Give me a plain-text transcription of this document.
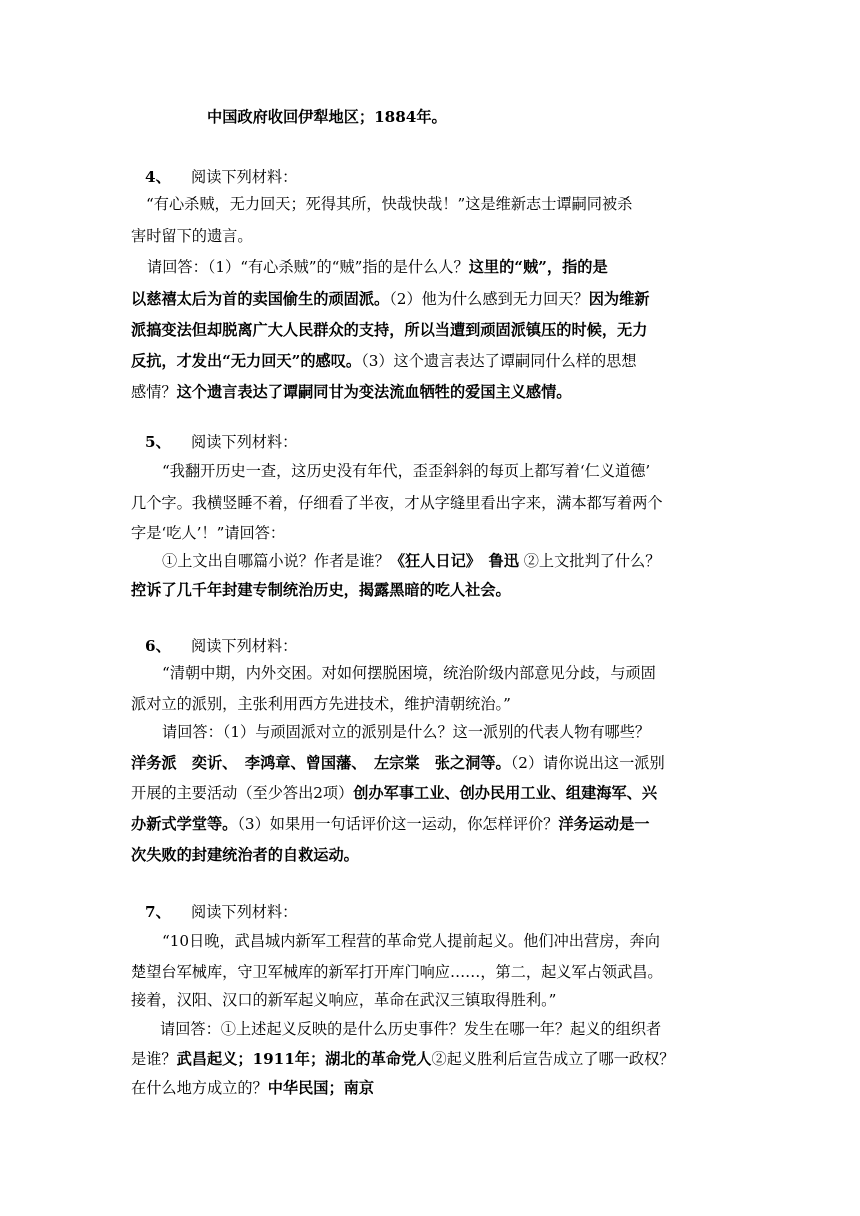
中国政府收回伊犁地区；1884年。
4、 阅读下列材料：
“有心杀贼，无力回天；死得其所，快哉快哉！”这是维新志士谭嗣同被杀
害时留下的遗言。
请回答：（1）“有心杀贼”的“贼”指的是什么人？这里的“贼”，指的是
以慈禧太后为首的卖国偷生的顽固派。（2）他为什么感到无力回天？因为维新
派搞变法但却脱离广大人民群众的支持，所以当遭到顽固派镇压的时候，无力
反抗，才发出“无力回天”的感叹。（3）这个遗言表达了谭嗣同什么样的思想
感情？这个遗言表达了谭嗣同甘为变法流血牺牲的爱国主义感情。
5、 阅读下列材料：
“我翻开历史一查，这历史没有年代，歪歪斜斜的每页上都写着‘仁义道德’
几个字。我横竖睡不着，仔细看了半夜，才从字缝里看出字来，满本都写着两个
字是‘吃人’！”请回答：
①上文出自哪篇小说？作者是谁？《狂人日记》　鲁迅 ②上文批判了什么？
控诉了几千年封建专制统治历史，揭露黑暗的吃人社会。
6、 阅读下列材料：
“清朝中期，内外交困。对如何摆脱困境，统治阶级内部意见分歧，与顽固
派对立的派别，主张利用西方先进技术，维护清朝统治。”
请回答：（1）与顽固派对立的派别是什么？这一派别的代表人物有哪些？
洋务派　奕䜣、　李鸿章、曾国藩、　左宗棠　张之洞等。（2）请你说出这一派别
开展的主要活动（至少答出2项）创办军事工业、创办民用工业、组建海军、兴
办新式学堂等。（3）如果用一句话评价这一运动，你怎样评价？洋务运动是一
次失败的封建统治者的自救运动。
7、 阅读下列材料：
“10日晚，武昌城内新军工程营的革命党人提前起义。他们冲出营房，奔向
楚望台军械库，守卫军械库的新军打开库门响应……，第二，起义军占领武昌。
接着，汉阳、汉口的新军起义响应，革命在武汉三镇取得胜利。”
请回答：①上述起义反映的是什么历史事件？发生在哪一年？起义的组织者
是谁？武昌起义；1911年；湖北的革命党人②起义胜利后宣告成立了哪一政权？
在什么地方成立的？中华民国；南京
